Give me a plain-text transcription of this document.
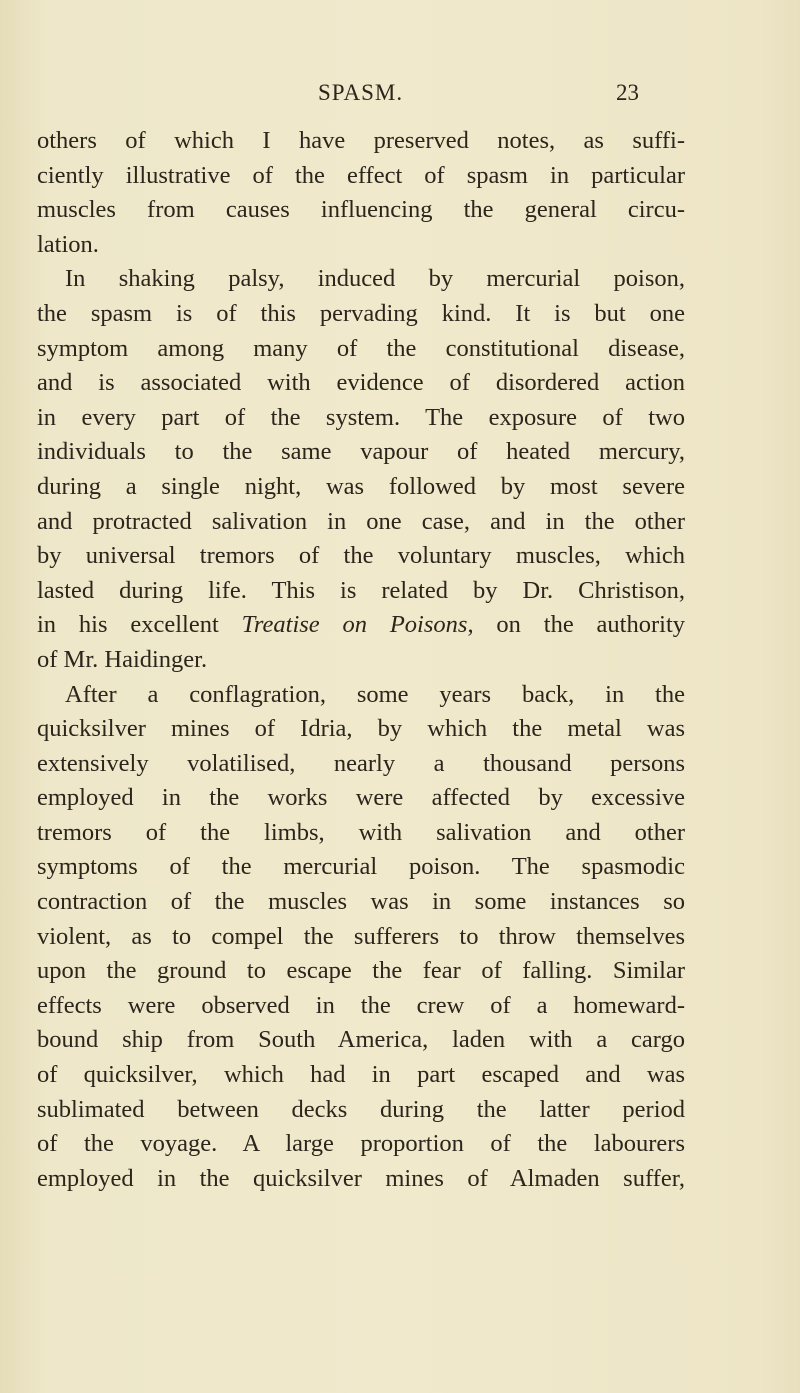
SPASM.	23
others of which I have preserved notes, as suffi-
ciently illustrative of the effect of spasm in particular
muscles from causes influencing the general circu-
lation.
In shaking palsy, induced by mercurial poison,
the spasm is of this pervading kind. It is but one
symptom among many of the constitutional disease,
and is associated with evidence of disordered action
in every part of the system. The exposure of two
individuals to the same vapour of heated mercury,
during a single night, was followed by most severe
and protracted salivation in one case, and in the other
by universal tremors of the voluntary muscles, which
lasted during life. This is related by Dr. Christison,
in his excellent Treatise on Poisons, on the authority
of Mr. Haidinger.
After a conflagration, some years back, in the
quicksilver mines of Idria, by which the metal was
extensively volatilised, nearly a thousand persons
employed in the works were affected by excessive
tremors of the limbs, with salivation and other
symptoms of the mercurial poison. The spasmodic
contraction of the muscles was in some instances so
violent, as to compel the sufferers to throw themselves
upon the ground to escape the fear of falling. Similar
effects were observed in the crew of a homeward-
bound ship from South America, laden with a cargo
of quicksilver, which had in part escaped and was
sublimated between decks during the latter period
of the voyage. A large proportion of the labourers
employed in the quicksilver mines of Almaden suffer,
